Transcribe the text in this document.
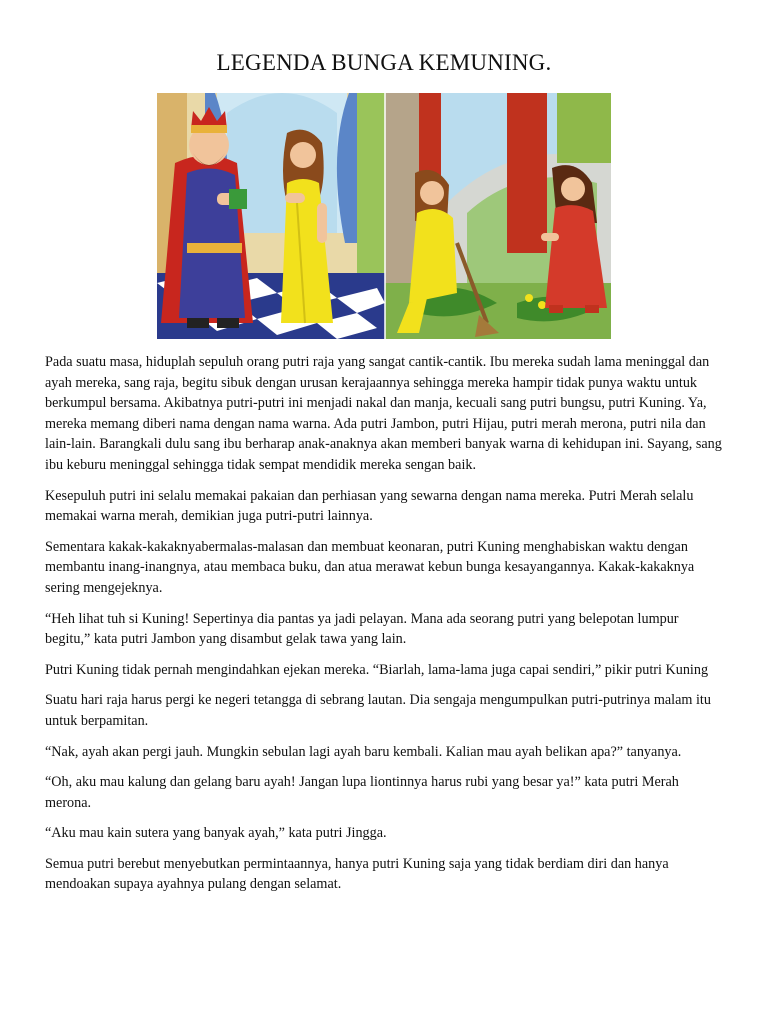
LEGENDA BUNGA KEMUNING.

Pada suatu masa, hiduplah sepuluh orang putri raja yang sangat cantik-cantik. Ibu mereka sudah lama meninggal dan ayah mereka, sang raja, begitu sibuk dengan urusan kerajaannya sehingga mereka hampir tidak punya waktu untuk berkumpul bersama. Akibatnya putri-putri ini menjadi nakal dan manja, kecuali sang putri bungsu, putri Kuning. Ya, mereka memang diberi nama dengan nama warna. Ada putri Jambon, putri Hijau, putri merah merona, putri nila dan lain-lain. Barangkali dulu sang ibu berharap anak-anaknya akan memberi banyak warna di kehidupan ini. Sayang, sang ibu keburu meninggal sehingga tidak sempat mendidik mereka sengan baik.

Kesepuluh putri ini selalu memakai pakaian dan perhiasan yang sewarna dengan nama mereka. Putri Merah selalu memakai warna merah, demikian juga putri-putri lainnya.

Sementara kakak-kakaknyabermalas-malasan dan membuat keonaran, putri Kuning menghabiskan waktu dengan membantu inang-inangnya, atau membaca buku, dan atua merawat kebun bunga kesayangannya. Kakak-kakaknya sering mengejeknya.

“Heh lihat tuh si Kuning! Sepertinya dia pantas ya jadi pelayan. Mana ada seorang putri yang belepotan lumpur begitu,” kata putri Jambon yang disambut gelak tawa yang lain.

Putri Kuning tidak pernah mengindahkan ejekan mereka. “Biarlah, lama-lama juga capai sendiri,” pikir putri Kuning

Suatu hari raja harus pergi ke negeri tetangga di sebrang lautan. Dia sengaja mengumpulkan putri-putrinya malam itu untuk berpamitan.

“Nak, ayah akan pergi jauh. Mungkin sebulan lagi ayah baru kembali. Kalian mau ayah belikan apa?” tanyanya.

“Oh, aku mau kalung dan gelang baru ayah! Jangan lupa liontinnya harus rubi yang besar ya!” kata putri Merah merona.

“Aku mau kain sutera yang banyak ayah,” kata putri Jingga.

Semua putri berebut menyebutkan permintaannya, hanya putri Kuning saja yang tidak berdiam diri dan hanya mendoakan supaya ayahnya pulang dengan selamat.
